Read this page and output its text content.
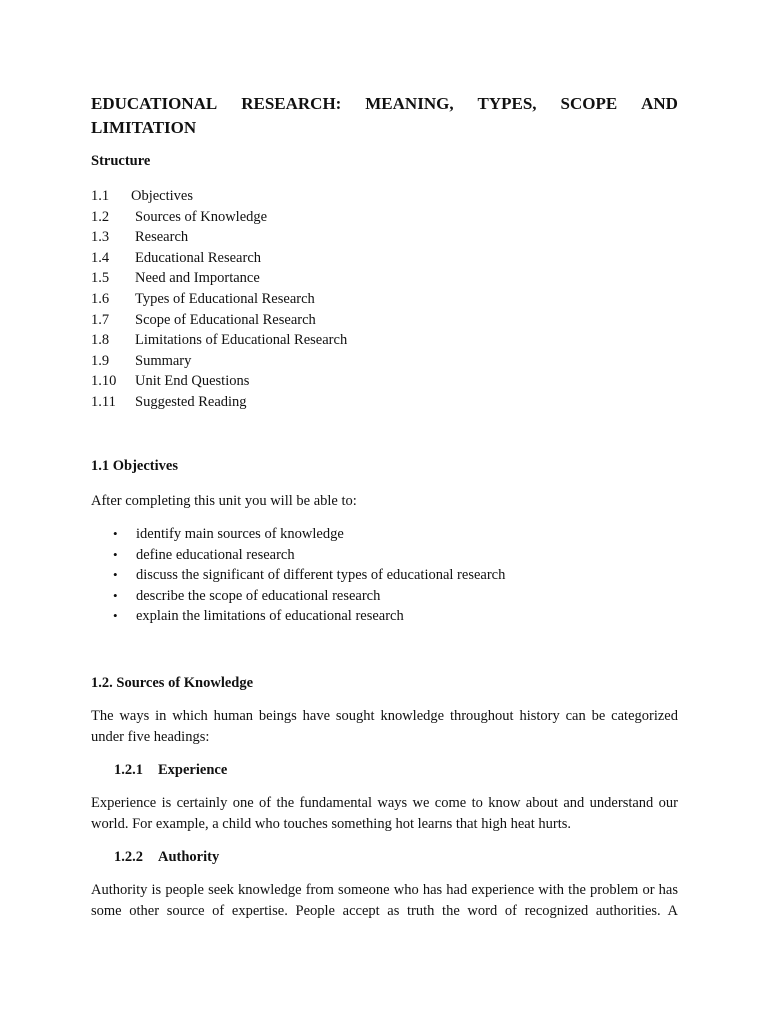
EDUCATIONAL RESEARCH: MEANING, TYPES, SCOPE AND
LIMITATION
Structure
1.1 Objectives
1.2 Sources of Knowledge
1.3 Research
1.4 Educational Research
1.5 Need and Importance
1.6 Types of Educational Research
1.7 Scope of Educational Research
1.8 Limitations of Educational Research
1.9 Summary
1.10 Unit End Questions
1.11 Suggested Reading
1.1 Objectives

After completing this unit you will be able to:

• identify main sources of knowledge
• define educational research
• discuss the significant of different types of educational research
• describe the scope of educational research
• explain the limitations of educational research
1.2. Sources of Knowledge

The ways in which human beings have sought knowledge throughout history can be categorized under five headings:

1.2.1 Experience

Experience is certainly one of the fundamental ways we come to know about and understand our world. For example, a child who touches something hot learns that high heat hurts.

1.2.2 Authority

Authority is people seek knowledge from someone who has had experience with the problem or has some other source of expertise. People accept as truth the word of recognized authorities. A
